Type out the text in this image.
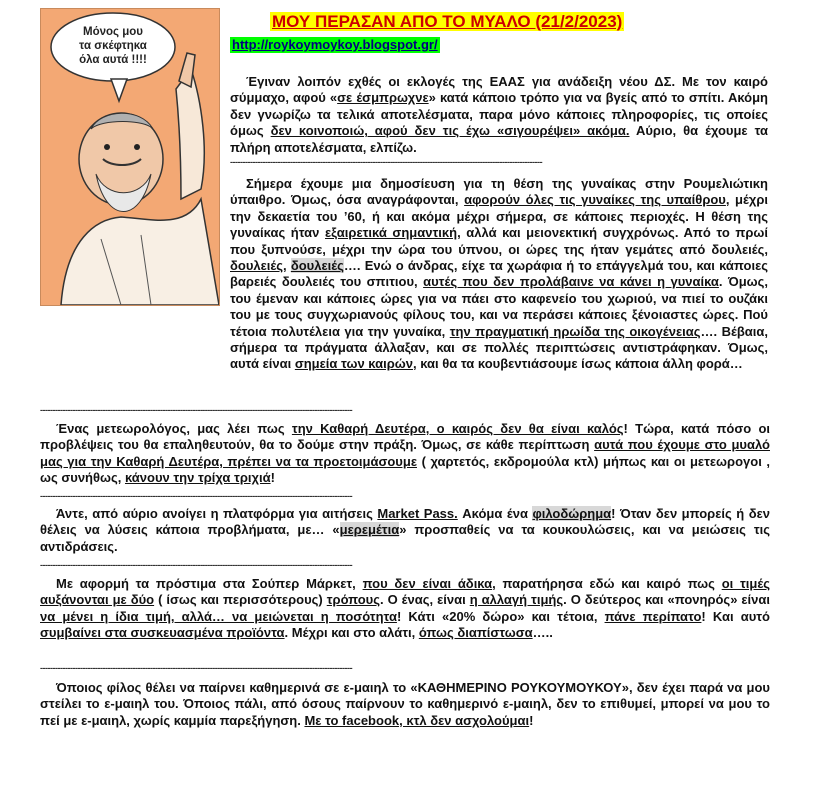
Μόνος μου
τα σκέφτηκα
όλα αυτά !!!!
ΜΟΥ ΠΕΡΑΣΑΝ ΑΠΟ ΤΟ ΜΥΑΛΟ (21/2/2023)
http://roykoymoykoy.blogspot.gr/
Έγιναν λοιπόν εχθές οι εκλογές της ΕΑΑΣ για ανάδειξη νέου ΔΣ. Με τον καιρό σύμμαχο, αφού «σε έσμπρωχνε» κατά κάποιο τρόπο για να βγείς από το σπίτι. Ακόμη δεν γνωρίζω τα τελικά αποτελέσματα, παρα μόνο κάποιες πληροφορίες, τις οποίες όμως δεν κοινοποιώ, αφού δεν τις έχω «σιγουρέψει» ακόμα. Αύριο, θα έχουμε τα πλήρη αποτελέσματα, ελπίζω.
-----------------------------------------------------------------------------------------------------------------------------
Σήμερα έχουμε μια δημοσίευση για τη θέση της γυναίκας στην Ρουμελιώτικη ύπαιθρο. Όμως, όσα αναγράφονται, αφορούν όλες τις γυναίκες της υπαίθρου, μέχρι την δεκαετία του ’60, ή και ακόμα μέχρι σήμερα, σε κάποιες περιοχές. Η θέση της γυναίκας ήταν εξαιρετικά σημαντική, αλλά και μειονεκτική συγχρόνως. Από το πρωί που ξυπνούσε, μέχρι την ώρα του ύπνου, οι ώρες της ήταν γεμάτες από δουλειές, δουλειές, δουλειές…. Ενώ ο άνδρας, είχε τα χωράφια ή το επάγγελμά του, και κάποιες βαρειές δουλειές του σπιτιου, αυτές που δεν προλάβαινε να κάνει η γυναίκα. Όμως, του έμεναν και κάποιες ώρες για να πάει στο καφενείο του χωριού, να πιεί το ουζάκι του με τους συγχωριανούς φίλους του, και να περάσει κάποιες ξένοιαστες ώρες. Πού τέτοια πολυτέλεια για την γυναίκα, την πραγματική ηρωίδα της οικογένειας…. Βέβαια, σήμερα τα πράγματα άλλαξαν, και σε πολλές περιπτώσεις αντιστράφηκαν. Όμως, αυτά είναι σημεία των καιρών, και θα τα κουβεντιάσουμε ίσως κάποια άλλη φορά…
-----------------------------------------------------------------------------------------------------------------------------
Ένας μετεωρολόγος, μας λέει πως την Καθαρή Δευτέρα, ο καιρός δεν θα είναι καλός! Τώρα, κατά πόσο οι προβλέψεις του θα επαληθευτούν, θα το δούμε στην πράξη. Όμως, σε κάθε περίπτωση αυτά που έχουμε στο μυαλό μας για την Καθαρή Δευτέρα, πρέπει να τα προετοιμάσουμε ( χαρτετός, εκδρομούλα κτλ) μήπως και οι μετεωρογοι , ως συνήθως, κάνουν την τρίχα τριχιά!
-----------------------------------------------------------------------------------------------------------------------------
Άντε, από αύριο ανοίγει η πλατφόρμα για αιτήσεις Market Pass. Ακόμα ένα φιλοδώρημα! Όταν δεν μπορείς ή δεν θέλεις να λύσεις κάποια προβλήματα, με… «μερεμέτια» προσπαθείς να τα κουκουλώσεις, και να μειώσεις τις αντιδράσεις.
-----------------------------------------------------------------------------------------------------------------------------
Με αφορμή τα πρόστιμα στα Σούπερ Μάρκετ, που δεν είναι άδικα, παρατήρησα εδώ και καιρό πως οι τιμές αυξάνονται με δύο ( ίσως και περισσότερους) τρόπους. Ο ένας, είναι η αλλαγή τιμής. Ο δεύτερος και «πονηρός» είναι να μένει η ίδια τιμή, αλλά… να μειώνεται η ποσότητα! Κάτι «20% δώρο» και τέτοια, πάνε περίπατο! Και αυτό συμβαίνει στα συσκευασμένα προϊόντα. Μέχρι και στο αλάτι, όπως διαπίστωσα…..
-----------------------------------------------------------------------------------------------------------------------------
Όποιος φίλος θέλει να παίρνει καθημερινά σε ε-μαιηλ το «ΚΑΘΗΜΕΡΙΝΟ ΡΟΥΚΟΥΜΟΥΚΟΥ», δεν έχει παρά να μου στείλει το ε-μαιηλ του. Όποιος πάλι, από όσους παίρνουν το καθημερινό ε-μαιηλ, δεν το επιθυμεί, μπορεί να μου το πεί με ε-μαιηλ, χωρίς καμμία παρεξήγηση. Με το facebook, κτλ δεν ασχολούμαι!
